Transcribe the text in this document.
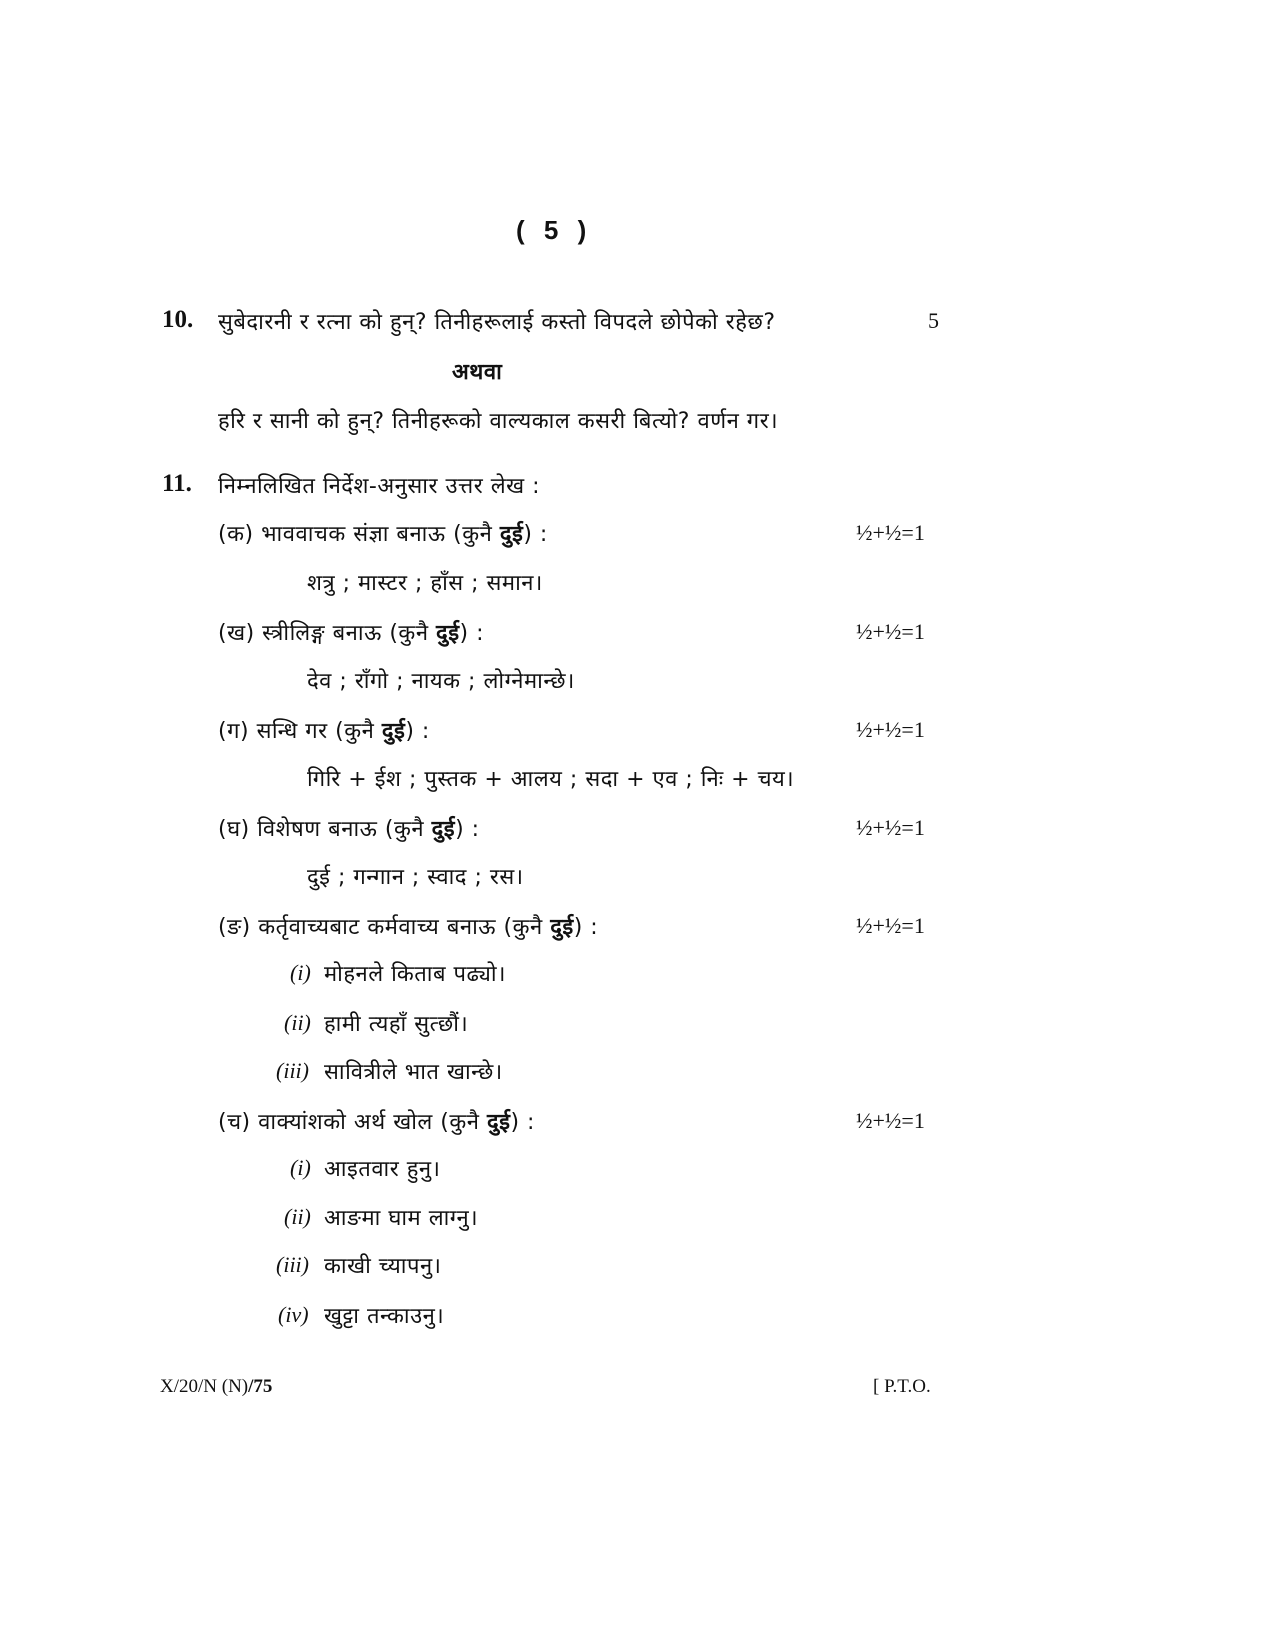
( 5 )
10. सुबेदारनी र रत्ना को हुन्? तिनीहरूलाई कस्तो विपदले छोपेको रहेछ?	5
अथवा
हरि र सानी को हुन्? तिनीहरूको वाल्यकाल कसरी बित्यो? वर्णन गर।
11. निम्नलिखित निर्देश-अनुसार उत्तर लेख :
(क) भाववाचक संज्ञा बनाऊ (कुनै दुई) :	½+½=1
शत्रु ; मास्टर ; हाँस ; समान।
(ख) स्त्रीलिङ्ग बनाऊ (कुनै दुई) :	½+½=1
देव ; राँगो ; नायक ; लोग्नेमान्छे।
(ग) सन्धि गर (कुनै दुई) :	½+½=1
गिरि + ईश ; पुस्तक + आलय ; सदा + एव ; निः + चय।
(घ) विशेषण बनाऊ (कुनै दुई) :	½+½=1
दुई ; गन्गान ; स्वाद ; रस।
(ङ) कर्तृवाच्यबाट कर्मवाच्य बनाऊ (कुनै दुई) :	½+½=1
(i) मोहनले किताब पढ्यो।
(ii) हामी त्यहाँ सुत्छौं।
(iii) सावित्रीले भात खान्छे।
(च) वाक्यांशको अर्थ खोल (कुनै दुई) :	½+½=1
(i) आइतवार हुनु।
(ii) आङमा घाम लाग्नु।
(iii) काखी च्यापनु।
(iv) खुट्टा तन्काउनु।
X/20/N (N)/75	[ P.T.O.
